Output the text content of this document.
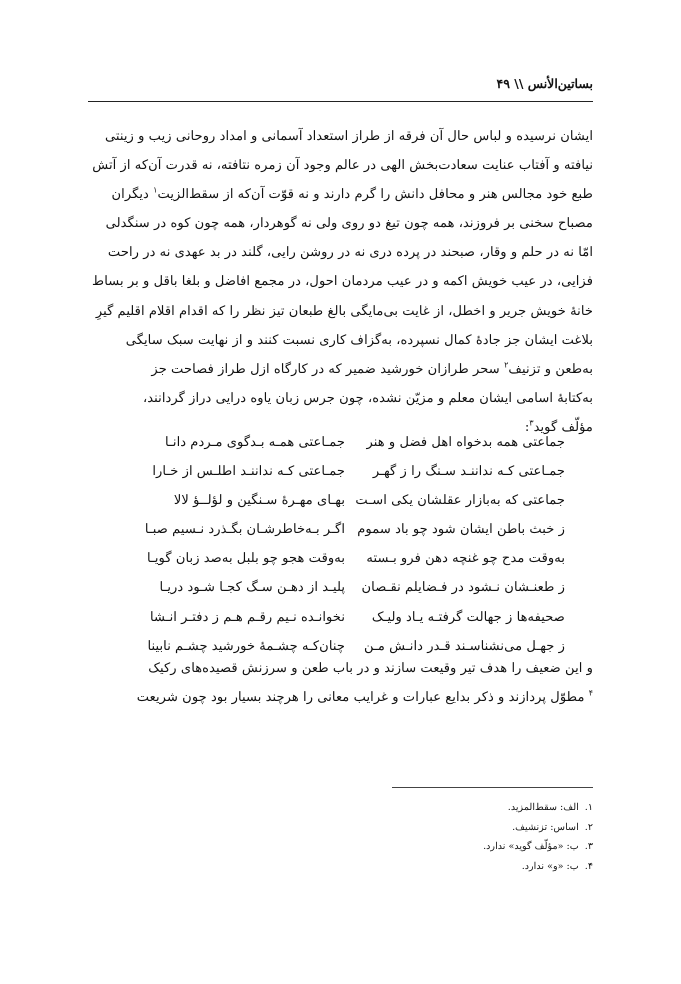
بساتین‌الأنس \\ ۴۹
ایشان نرسیده و لباس حال آن فرقه از طراز استعداد آسمانی و امداد روحانی زیب و زینتی
نیافته و آفتاب عنایت سعادت‌بخش الهی در عالم وجود آن زمره نتافته، نه قدرت آن‌که از آتش
طبع خود مجالس هنر و محافل دانش را گرم دارند و نه قوّت آن‌که از سقط‌الزیت$^۱$ دیگران
مصباح سخنی بر فروزند، همه چون تیغ دو روی ولی نه گوهردار، همه چون کوه در سنگدلی
امّا نه در حلم و وقار، صبحند در پرده دری نه در روشن رایی، گلند در بد عهدی نه در راحت
فزایی، در عیب خویش اکمه و در عیب مردمان احول، در مجمع افاضل و بلغا باقل و بر بساط
خانهٔ خویش جریر و اخطل، از غایت بی‌مایگی بالغ طبعان تیز نظر را که اقدام اقلام اقلیم گیرِ
بلاغت ایشان جز جادهٔ کمال نسپرده، به‌گزاف کاری نسبت کنند و از نهایت سبک سایگی
به‌طعن و تزنیف$^۲$ سحر طرازان خورشید ضمیر که در کارگاه ازل طراز فصاحت جز
به‌کتابهٔ اسامی ایشان معلم و مزیّن نشده، چون جرس زبان یاوه درایی دراز گردانند،
مؤلّف گوید$^۳$:
جماعتی همه بدخواه اهل فضل و هنر
جمـاعتی همـه بـدگوی مـردم دانـا
جمـاعتی کـه نداننـد سـنگ را ز گهـر
جمـاعتی کـه نداننـد اطلـس از خـارا
جماعتی که به‌بازار عقلشان یکی اسـت
بهـای مهـرهٔ سـنگین و لؤلــؤ لالا
ز خبث باطن ایشان شود چو باد سموم
اگـر بـه‌خاطرشـان بگـذرد نـسیم صبـا
به‌وقت مدح چو غنچه دهن فرو بـسته
به‌وقت هجو چو بلبل به‌صد زبان گویـا
ز طعنـشان نـشود در فـضایلم نقـصان
پلیـد از دهـن سـگ کجـا شـود دریـا
صحیفه‌ها ز جهالت گرفتـه یـاد ولیـک
نخوانـده نـیم رقـم هـم ز دفتـر انـشا
ز جهـل می‌نشناسـند قـدر دانـش مـن
چنان‌کـه چشـمهٔ خورشید چشـم نابینا
و این ضعیف را هدف تیر وقیعت سازند و در باب طعن و سرزنش قصیده‌های رکیک
$^۴$ مطوّل پردازند و ذکر بدایع عبارات و غرایب معانی را هرچند بسیار بود چون شریعت
۱.الف: سقط‌المزید.
۲.اساس: تزنشیف.
۳.ب: «مؤلّف گوید» ندارد.
۴.ب: «و» ندارد.
